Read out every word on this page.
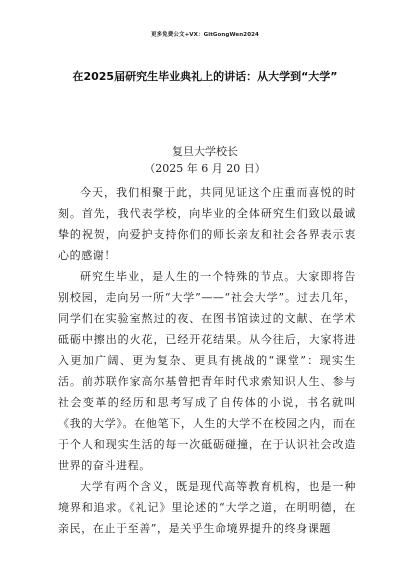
更多免费公文+VX：GitGongWen2024
在2025届研究生毕业典礼上的讲话：从大学到“大学”
复旦大学校长
（2025 年 6 月 20 日）

今天，我们相聚于此，共同见证这个庄重而喜悦的时刻。首先，我代表学校，向毕业的全体研究生们致以最诚挚的祝贺，向爱护支持你们的师长亲友和社会各界表示衷心的感谢！

研究生毕业，是人生的一个特殊的节点。大家即将告别校园，走向另一所“大学”——“社会大学”。过去几年，同学们在实验室熬过的夜、在图书馆读过的文献、在学术砥砺中擦出的火花，已经开花结果。从今往后，大家将进入更加广阔、更为复杂、更具有挑战的“课堂”：现实生活。前苏联作家高尔基曾把青年时代求索知识人生、参与社会变革的经历和思考写成了自传体的小说，书名就叫《我的大学》。在他笔下，人生的大学不在校园之内，而在于个人和现实生活的每一次砥砺碰撞，在于认识社会改造世界的奋斗进程。

大学有两个含义，既是现代高等教育机构，也是一种境界和追求。《礼记》里论述的“大学之道，在明明德，在亲民，在止于至善”，是关乎生命境界提升的终身课题
